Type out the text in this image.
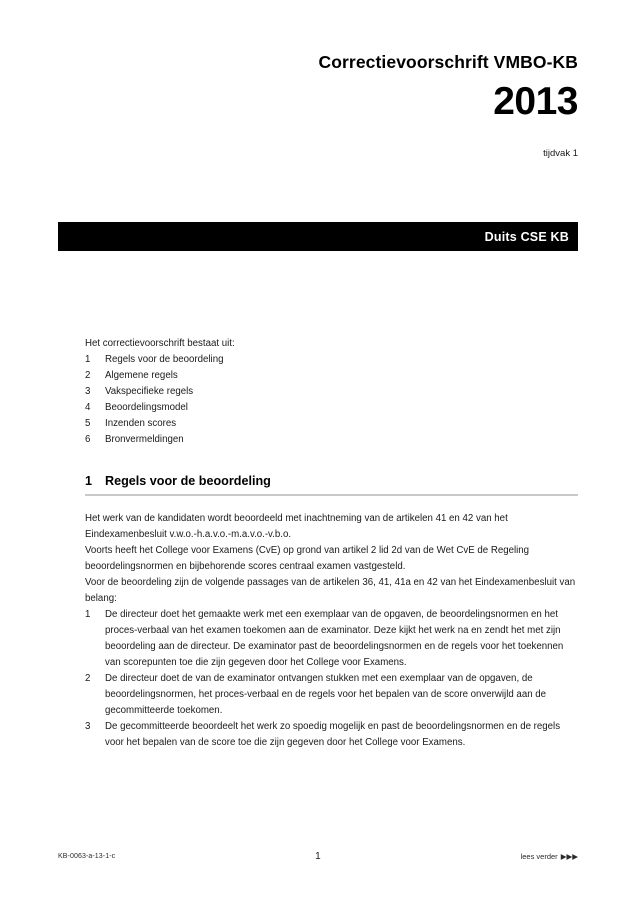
Correctievoorschrift VMBO-KB
2013
tijdvak 1
Duits CSE KB
Het correctievoorschrift bestaat uit:
1	Regels voor de beoordeling
2	Algemene regels
3	Vakspecifieke regels
4	Beoordelingsmodel
5	Inzenden scores
6	Bronvermeldingen
1	Regels voor de beoordeling
Het werk van de kandidaten wordt beoordeeld met inachtneming van de artikelen 41 en 42 van het Eindexamenbesluit v.w.o.-h.a.v.o.-m.a.v.o.-v.b.o.
Voorts heeft het College voor Examens (CvE) op grond van artikel 2 lid 2d van de Wet CvE de Regeling beoordelingsnormen en bijbehorende scores centraal examen vastgesteld.
Voor de beoordeling zijn de volgende passages van de artikelen 36, 41, 41a en 42 van het Eindexamenbesluit van belang:
1	De directeur doet het gemaakte werk met een exemplaar van de opgaven, de beoordelingsnormen en het proces-verbaal van het examen toekomen aan de examinator. Deze kijkt het werk na en zendt het met zijn beoordeling aan de directeur. De examinator past de beoordelingsnormen en de regels voor het toekennen van scorepunten toe die zijn gegeven door het College voor Examens.
2	De directeur doet de van de examinator ontvangen stukken met een exemplaar van de opgaven, de beoordelingsnormen, het proces-verbaal en de regels voor het bepalen van de score onverwijld aan de gecommitteerde toekomen.
3	De gecommitteerde beoordeelt het werk zo spoedig mogelijk en past de beoordelingsnormen en de regels voor het bepalen van de score toe die zijn gegeven door het College voor Examens.
KB-0063-a-13-1-c	1	lees verder ▶▶▶
